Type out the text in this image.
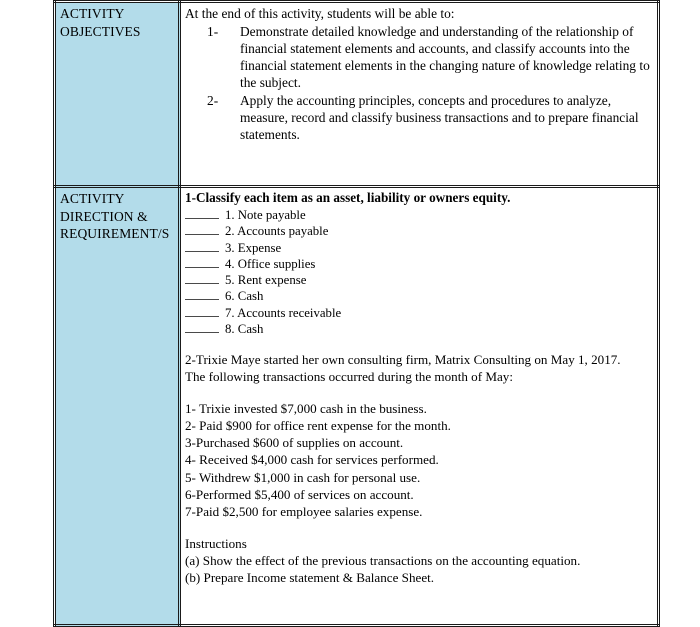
ACTIVITY
OBJECTIVES

At the end of this activity, students will be able to:

1- Demonstrate detailed knowledge and understanding of the relationship of financial statement elements and accounts, and classify accounts into the financial statement elements in the changing nature of knowledge relating to the subject.
2- Apply the accounting principles, concepts and procedures to analyze, measure, record and classify business transactions and to prepare financial statements.

ACTIVITY
DIRECTION &
REQUIREMENT/S

1-Classify each item as an asset, liability or owners equity.

1. Note payable
2. Accounts payable
3. Expense
4. Office supplies
5. Rent expense
6. Cash
7. Accounts receivable
8. Cash

2-Trixie Maye started her own consulting firm, Matrix Consulting on May 1, 2017.

The following transactions occurred during the month of May:

1- Trixie invested $7,000 cash in the business.

2- Paid $900 for office rent expense for the month.

3-Purchased $600 of supplies on account.

4- Received $4,000 cash for services performed.

5- Withdrew $1,000 in cash for personal use.

6-Performed $5,400 of services on account.

7-Paid $2,500 for employee salaries expense.

Instructions

(a) Show the effect of the previous transactions on the accounting equation.

(b) Prepare Income statement & Balance Sheet.
